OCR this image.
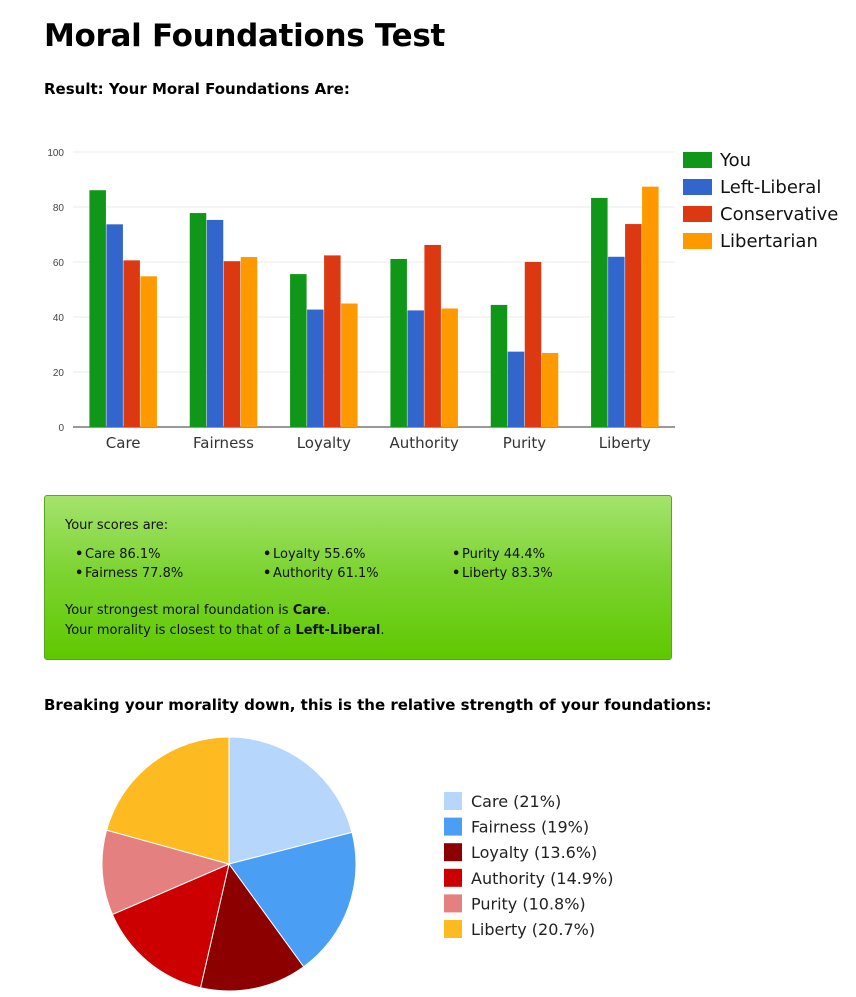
Moral Foundations Test
Result: Your Moral Foundations Are:
0
20
40
60
80
100
Care	Fairness	Loyalty	Authority	Purity	Liberty
You
Left-Liberal
Conservative
Libertarian
Your scores are:
• Care 86.1%
• Fairness 77.8%
• Loyalty 55.6%
• Authority 61.1%
• Purity 44.4%
• Liberty 83.3%
Your strongest moral foundation is Care.
Your morality is closest to that of a Left-Liberal.
Breaking your morality down, this is the relative strength of your foundations:
Care (21%)
Fairness (19%)
Loyalty (13.6%)
Authority (14.9%)
Purity (10.8%)
Liberty (20.7%)
